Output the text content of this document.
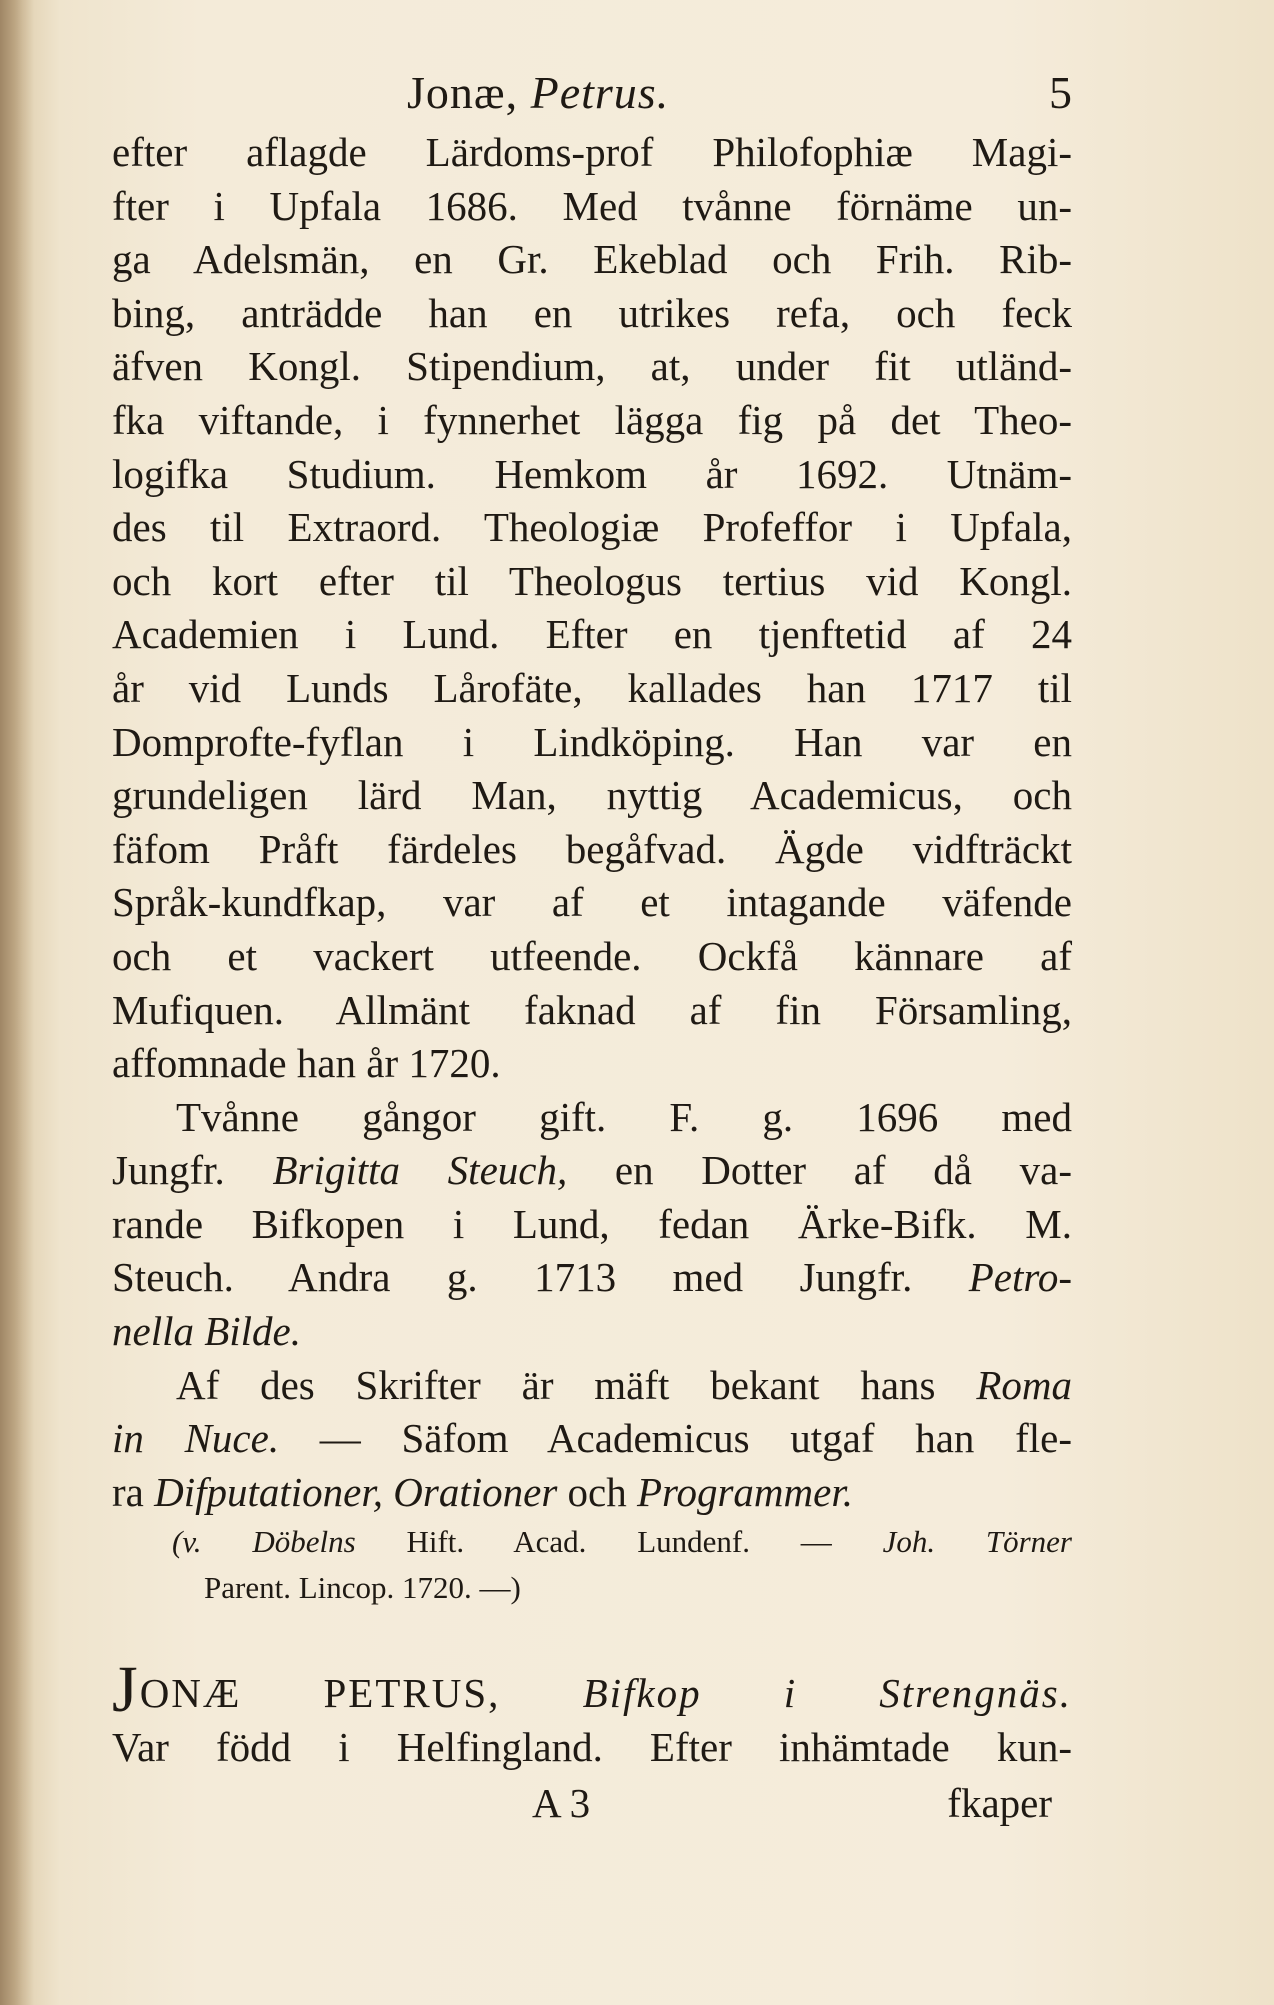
Jonæ, Petrus.	5
efter aflagde Lärdoms-prof Philofophiæ Magi-
fter i Upfala 1686. Med tvånne förnäme un-
ga Adelsmän, en Gr. Ekeblad och Frih. Rib-
bing, anträdde han en utrikes refa, och feck
äfven Kongl. Stipendium, at, under fit utländ-
fka viftande, i fynnerhet lägga fig på det Theo-
logifka Studium. Hemkom år 1692. Utnäm-
des til Extraord. Theologiæ Profeffor i Upfala,
och kort efter til Theologus tertius vid Kongl.
Academien i Lund. Efter en tjenftetid af 24
år vid Lunds Lårofäte, kallades han 1717 til
Domprofte-fyflan i Lindköping. Han var en
grundeligen lärd Man, nyttig Academicus, och
fäfom Pråft färdeles begåfvad. Ägde vidfträckt
Språk-kundfkap, var af et intagande väfende
och et vackert utfeende. Ockfå kännare af
Mufiquen. Allmänt faknad af fin Församling,
affomnade han år 1720.
Tvånne gångor gift. F. g. 1696 med
Jungfr. Brigitta Steuch, en Dotter af då va-
rande Bifkopen i Lund, fedan Ärke-Bifk. M.
Steuch. Andra g. 1713 med Jungfr. Petro-
nella Bilde.
Af des Skrifter är mäft bekant hans Roma
in Nuce. — Säfom Academicus utgaf han fle-
ra Difputationer, Orationer och Programmer.
(v. Döbelns Hift. Acad. Lundenf. — Joh. Törner
Parent. Lincop. 1720. —)
JONÆ PETRUS, Bifkop i Strengnäs.
Var född i Helfingland. Efter inhämtade kun-
A 3	fkaper
